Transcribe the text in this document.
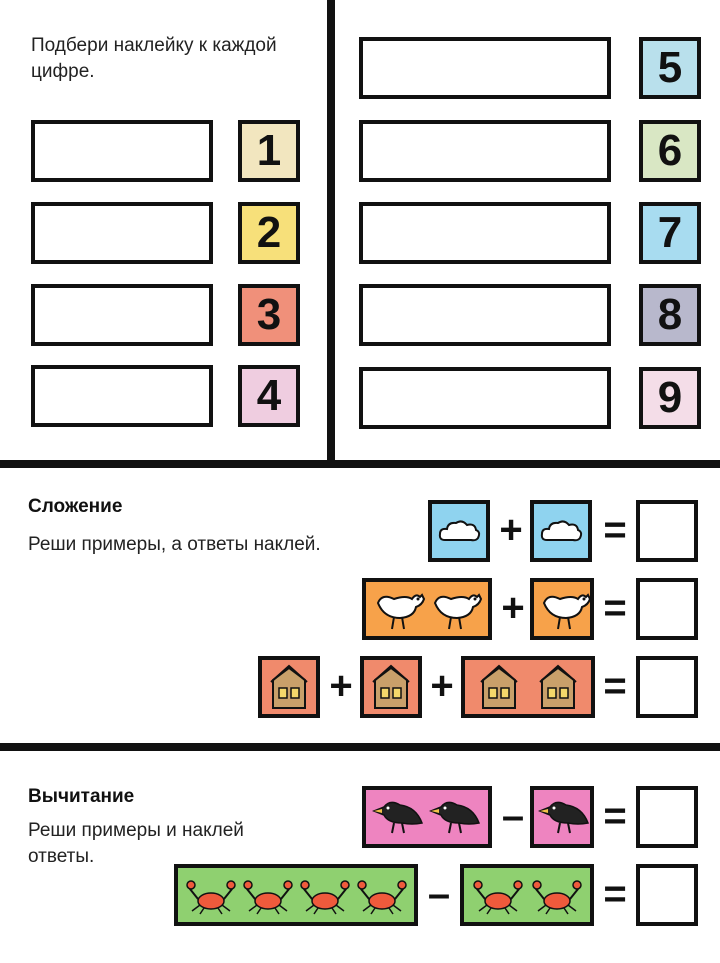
Подбери наклейку к каждой цифре.
1
2
3
4
5
6
7
8
9
Сложение
Реши примеры, а ответы наклей.	+ =
+ =
+ +	=
Вычитание
Реши примеры и наклей ответы.
– =
–	=
